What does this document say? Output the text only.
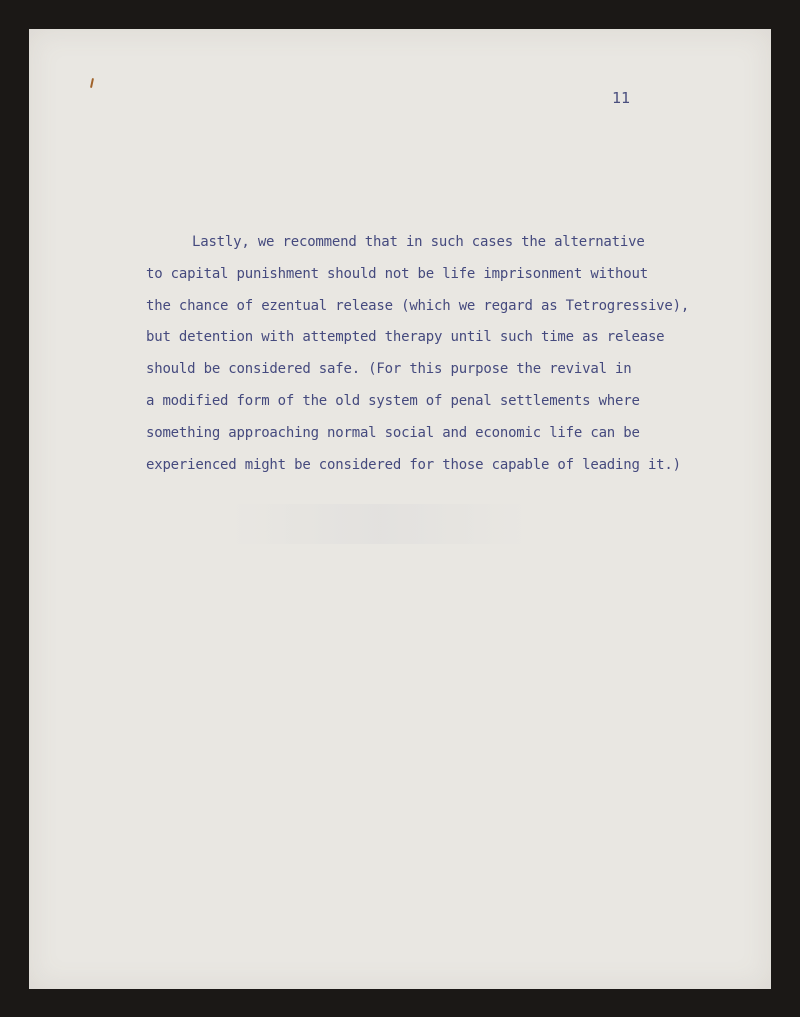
11

Lastly, we recommend that in such cases the alternative
to capital punishment should not be life imprisonment without
the chance of ezentual release (which we regard as Tetrogressive),
but detention with attempted therapy until such time as release
should be considered safe. (For this purpose the revival in
a modified form of the old system of penal settlements where
something approaching normal social and economic life can be
experienced might be considered for those capable of leading it.)
